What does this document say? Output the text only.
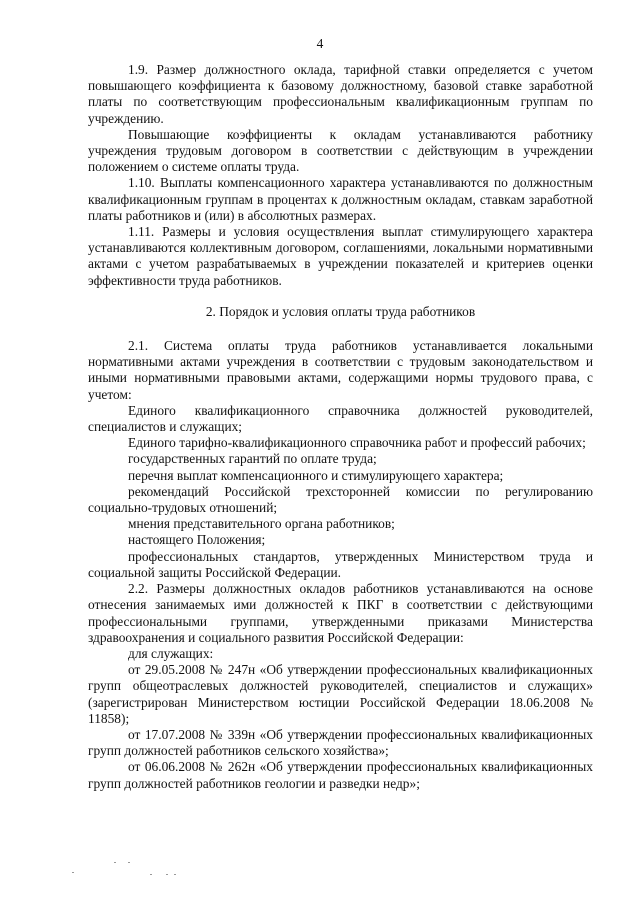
4

1.9. Размер должностного оклада, тарифной ставки определяется с учетом повышающего коэффициента к базовому должностному, базовой ставке заработной платы по соответствующим профессиональным квалификационным группам по учреждению.

Повышающие коэффициенты к окладам устанавливаются работнику учреждения трудовым договором в соответствии с действующим в учреждении положением о системе оплаты труда.

1.10. Выплаты компенсационного характера устанавливаются по должностным квалификационным группам в процентах к должностным окладам, ставкам заработной платы работников и (или) в абсолютных размерах.

1.11. Размеры и условия осуществления выплат стимулирующего характера устанавливаются коллективным договором, соглашениями, локальными нормативными актами с учетом разрабатываемых в учреждении показателей и критериев оценки эффективности труда работников.

2. Порядок и условия оплаты труда работников

2.1. Система оплаты труда работников устанавливается локальными нормативными актами учреждения в соответствии с трудовым законодательством и иными нормативными правовыми актами, содержащими нормы трудового права, с учетом:

Единого квалификационного справочника должностей руководителей, специалистов и служащих;

Единого тарифно-квалификационного справочника работ и профессий рабочих;

государственных гарантий по оплате труда;

перечня выплат компенсационного и стимулирующего характера;

рекомендаций Российской трехсторонней комиссии по регулированию социально-трудовых отношений;

мнения представительного органа работников;

настоящего Положения;

профессиональных стандартов, утвержденных Министерством труда и социальной защиты Российской Федерации.

2.2. Размеры должностных окладов работников устанавливаются на основе отнесения занимаемых ими должностей к ПКГ в соответствии с действующими профессиональными группами, утвержденными приказами Министерства здравоохранения и социального развития Российской Федерации:

для служащих:

от 29.05.2008 № 247н «Об утверждении профессиональных квалификационных групп общеотраслевых должностей руководителей, специалистов и служащих» (зарегистрирован Министерством юстиции Российской Федерации 18.06.2008 № 11858);

от 17.07.2008 № 339н «Об утверждении профессиональных квалификационных групп должностей работников сельского хозяйства»;

от 06.06.2008 № 262н «Об утверждении профессиональных квалификационных групп должностей работников геологии и разведки недр»;
